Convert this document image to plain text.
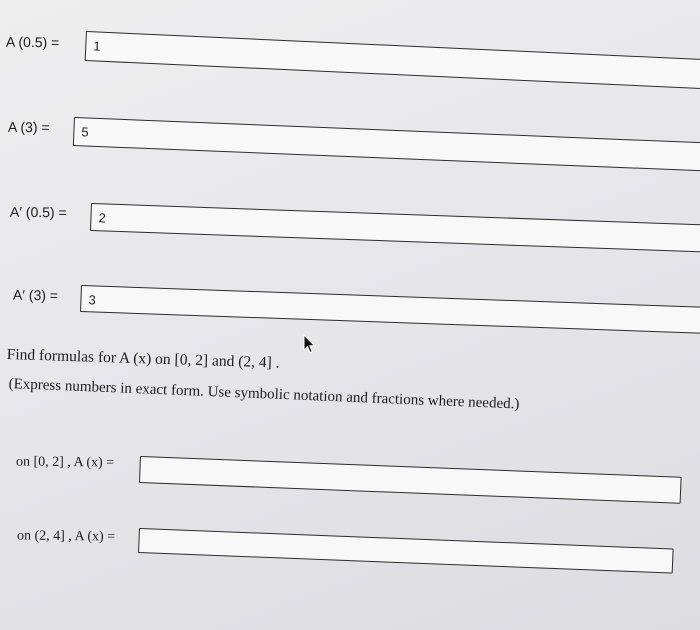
A (0.5) =	1
A (3) = 5
A′ (0.5) = 2
A′ (3) = 3
Find formulas for A (x) on [0, 2] and (2, 4] .
(Express numbers in exact form. Use symbolic notation and fractions where needed.)
on [0, 2] , A (x) =
on (2, 4] , A (x) =
